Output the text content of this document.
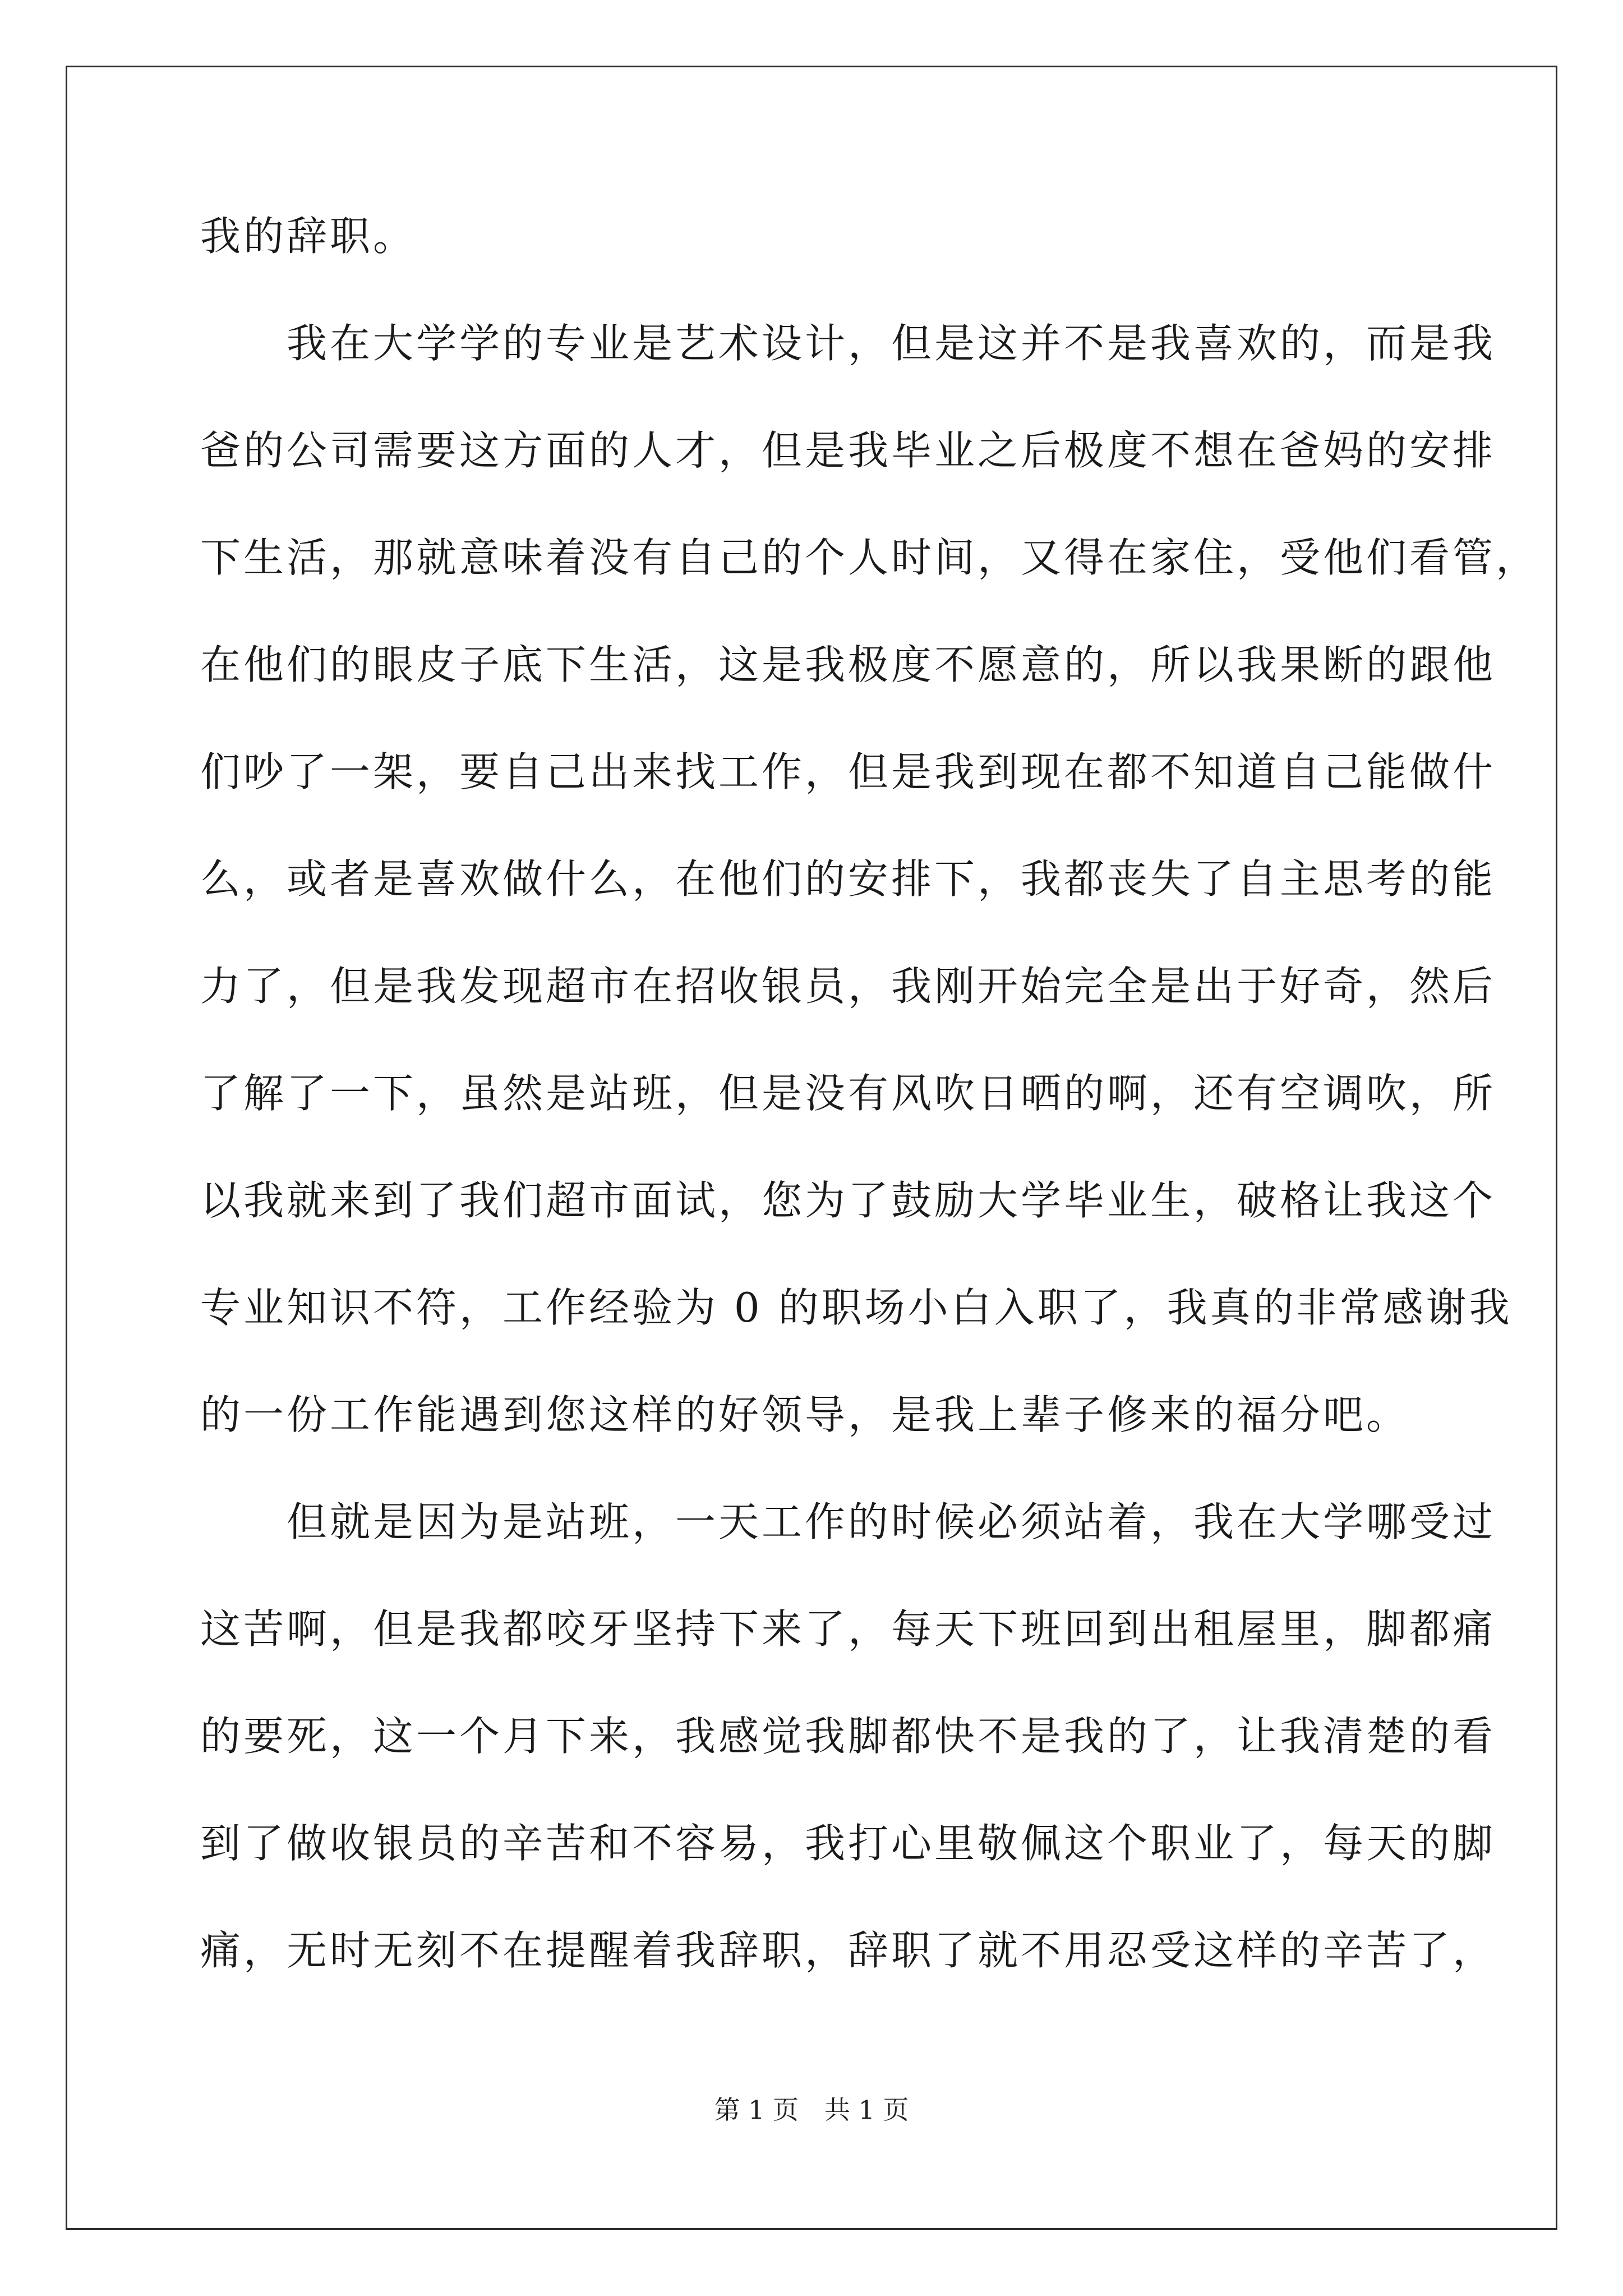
我的辞职。
　　我在大学学的专业是艺术设计，但是这并不是我喜欢的，而是我
爸的公司需要这方面的人才，但是我毕业之后极度不想在爸妈的安排
下生活，那就意味着没有自己的个人时间，又得在家住，受他们看管，
在他们的眼皮子底下生活，这是我极度不愿意的，所以我果断的跟他
们吵了一架，要自己出来找工作，但是我到现在都不知道自己能做什
么，或者是喜欢做什么，在他们的安排下，我都丧失了自主思考的能
力了，但是我发现超市在招收银员，我刚开始完全是出于好奇，然后
了解了一下，虽然是站班，但是没有风吹日晒的啊，还有空调吹，所
以我就来到了我们超市面试，您为了鼓励大学毕业生，破格让我这个
专业知识不符，工作经验为 0 的职场小白入职了，我真的非常感谢我
的一份工作能遇到您这样的好领导，是我上辈子修来的福分吧。
　　但就是因为是站班，一天工作的时候必须站着，我在大学哪受过
这苦啊，但是我都咬牙坚持下来了，每天下班回到出租屋里，脚都痛
的要死，这一个月下来，我感觉我脚都快不是我的了，让我清楚的看
到了做收银员的辛苦和不容易，我打心里敬佩这个职业了，每天的脚
痛，无时无刻不在提醒着我辞职，辞职了就不用忍受这样的辛苦了，
第 1 页　共 1 页
